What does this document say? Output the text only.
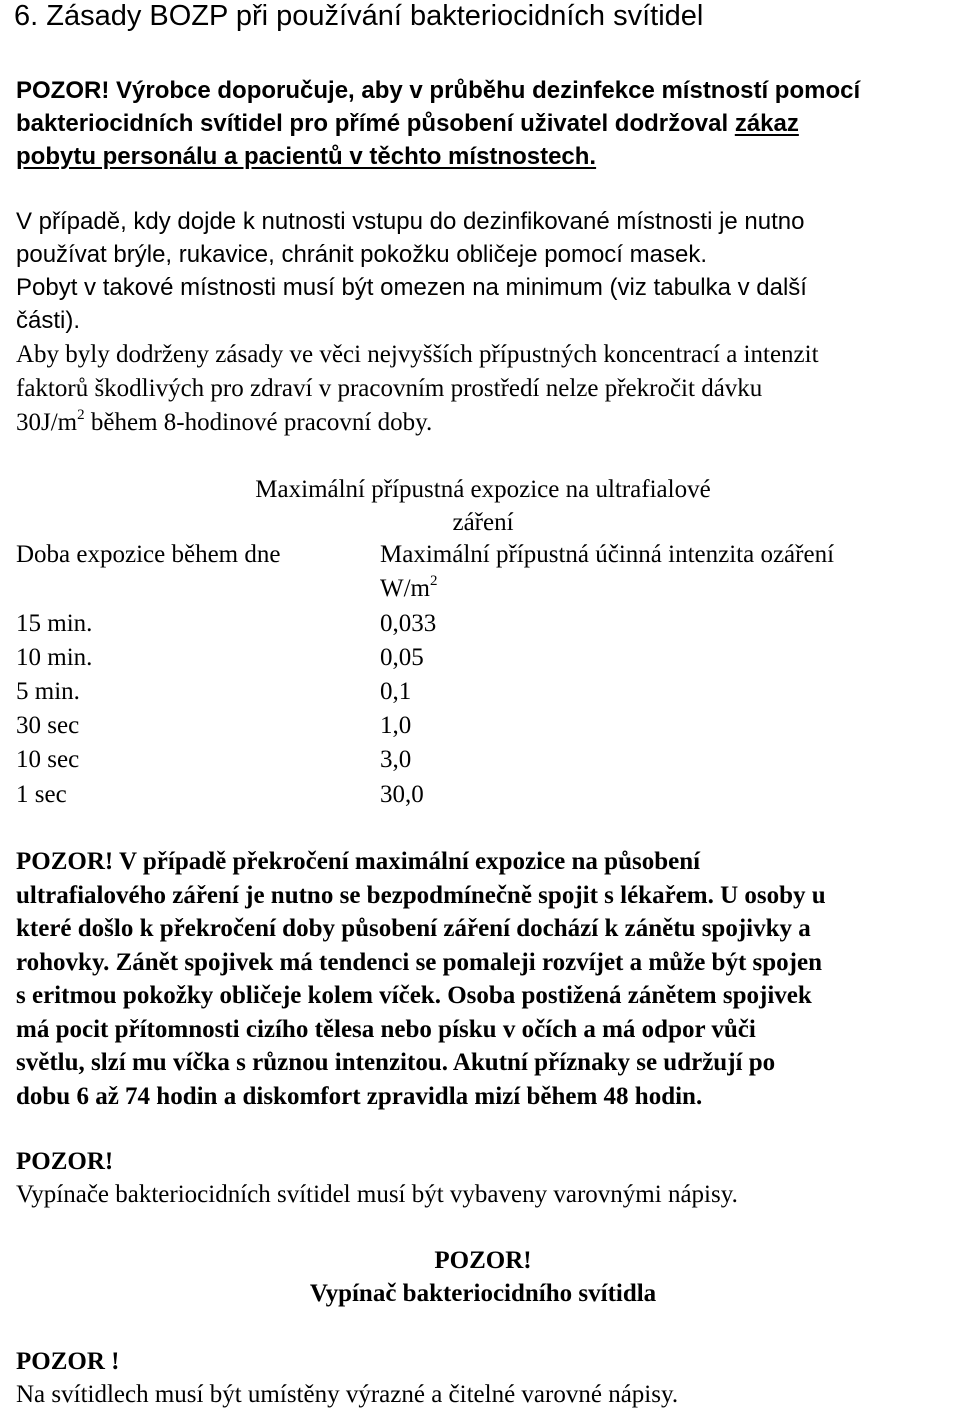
6. Zásady BOZP při používání bakteriocidních svítidel
POZOR! Výrobce doporučuje, aby v průběhu dezinfekce místností pomocí
bakteriocidních svítidel pro přímé působení uživatel dodržoval zákaz
pobytu personálu a pacientů v těchto místnostech.
V případě, kdy dojde k nutnosti vstupu do dezinfikované místnosti je nutno
používat brýle, rukavice, chránit pokožku obličeje pomocí masek.
Pobyt v takové místnosti musí být omezen na minimum (viz tabulka v další
části).
Aby byly dodrženy zásady ve věci nejvyšších přípustných koncentrací a intenzit
faktorů škodlivých pro zdraví v pracovním prostředí nelze překročit dávku
$30J/m^2$ během 8-hodinové pracovní doby.
Maximální přípustná expozice na ultrafialové
záření
Doba expozice během dne	Maximální přípustná účinná intenzita ozáření
$W/m^2$
15 min.	0,033
10 min.	0,05
5 min.	0,1
30 sec	1,0
10 sec	3,0
1 sec	30,0
POZOR! V případě překročení maximální expozice na působení
ultrafialového záření je nutno se bezpodmínečně spojit s lékařem. U osoby u
které došlo k překročení doby působení záření dochází k zánětu spojivky a
rohovky. Zánět spojivek má tendenci se pomaleji rozvíjet a může být spojen
s eritmou pokožky obličeje kolem víček. Osoba postižená zánětem spojivek
má pocit přítomnosti cizího tělesa nebo písku v očích a má odpor vůči
světlu, slzí mu víčka s různou intenzitou. Akutní příznaky se udržují po
dobu 6 až 74 hodin a diskomfort zpravidla mizí během 48 hodin.
POZOR!
Vypínače bakteriocidních svítidel musí být vybaveny varovnými nápisy.
POZOR!
Vypínač bakteriocidního svítidla
POZOR !
Na svítidlech musí být umístěny výrazné a čitelné varovné nápisy.
